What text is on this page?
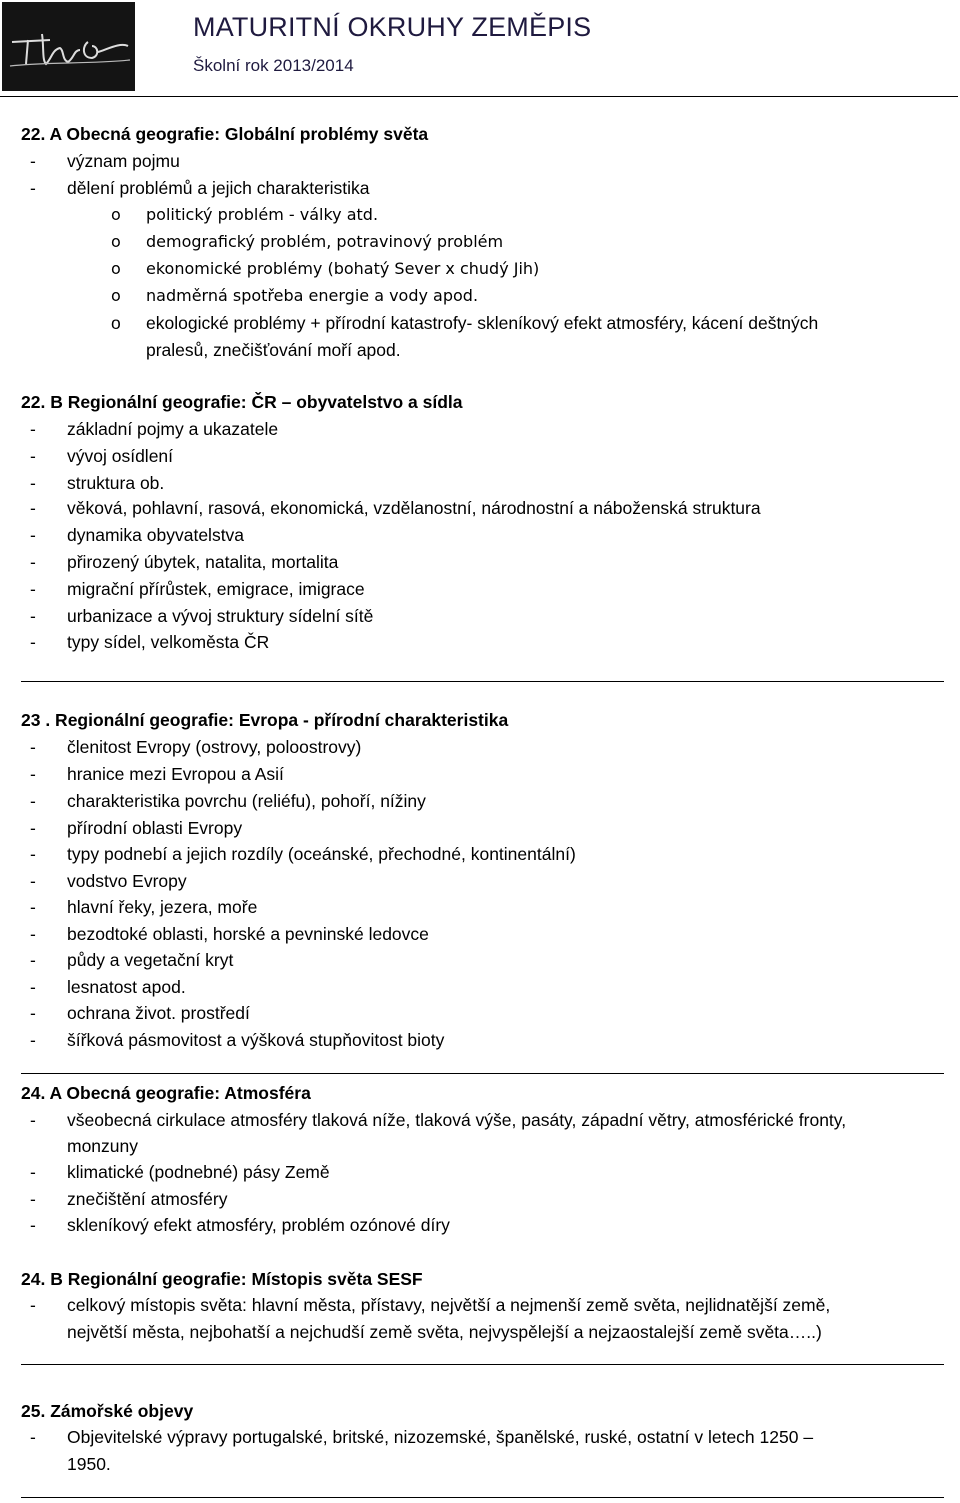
MATURITNÍ OKRUHY ZEMĚPIS
Školní rok 2013/2014
22. A Obecná geografie: Globální problémy světa
- význam pojmu
- dělení problémů a jejich charakteristika
o politický problém - války atd.
o demografický problém, potravinový problém
o ekonomické problémy (bohatý Sever x chudý Jih)
o nadměrná spotřeba energie a vody apod.
o ekologické problémy + přírodní katastrofy- skleníkový efekt atmosféry, kácení deštných
pralesů, znečišťování moří apod.
22. B Regionální geografie: ČR – obyvatelstvo a sídla
- základní pojmy a ukazatele
- vývoj osídlení
- struktura ob.
- věková, pohlavní, rasová, ekonomická, vzdělanostní, národnostní a náboženská struktura
- dynamika obyvatelstva
- přirozený úbytek, natalita, mortalita
- migrační přírůstek, emigrace, imigrace
- urbanizace a vývoj struktury sídelní sítě
- typy sídel, velkoměsta ČR
23 . Regionální geografie: Evropa - přírodní charakteristika
- členitost Evropy (ostrovy, poloostrovy)
- hranice mezi Evropou a Asií
- charakteristika povrchu (reliéfu), pohoří, nížiny
- přírodní oblasti Evropy
- typy podnebí a jejich rozdíly (oceánské, přechodné, kontinentální)
- vodstvo Evropy
- hlavní řeky, jezera, moře
- bezodtoké oblasti, horské a pevninské ledovce
- půdy a vegetační kryt
- lesnatost apod.
- ochrana život. prostředí
- šířková pásmovitost a výšková stupňovitost bioty
24. A Obecná geografie: Atmosféra
- všeobecná cirkulace atmosféry tlaková níže, tlaková výše, pasáty, západní větry, atmosférické fronty,
monzuny
- klimatické (podnebné) pásy Země
- znečištění atmosféry
- skleníkový efekt atmosféry, problém ozónové díry
24. B Regionální geografie: Místopis světa SESF
- celkový místopis světa: hlavní města, přístavy, největší a nejmenší země světa, nejlidnatější země,
největší města, nejbohatší a nejchudší země světa, nejvyspělejší a nejzaostalejší země světa…..)
25. Zámořské objevy
- Objevitelské výpravy portugalské, britské, nizozemské, španělské, ruské, ostatní v letech 1250 –
1950.
